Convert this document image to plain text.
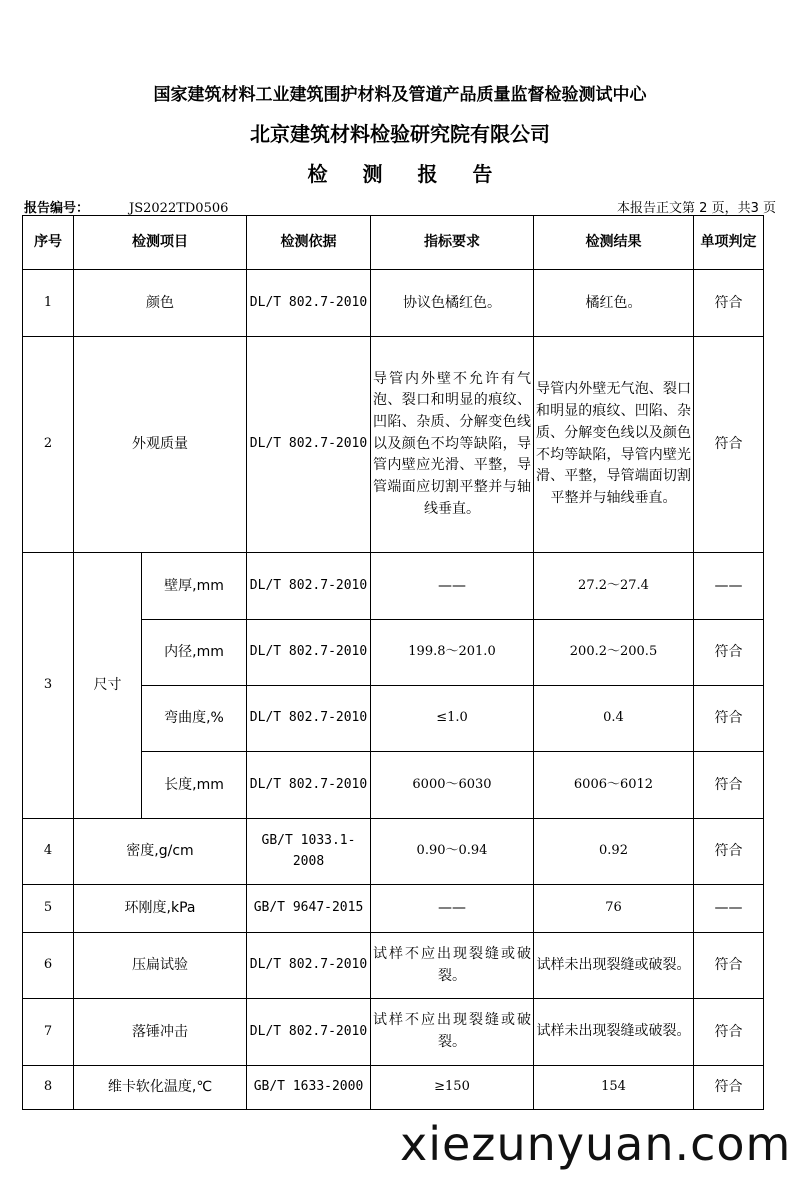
国家建筑材料工业建筑围护材料及管道产品质量监督检验测试中心
北京建筑材料检验研究院有限公司
检 测 报 告
报告编号：	JS2022TD0506	本报告正文第 2 页，共3 页
序号	检测项目		检测依据	指标要求	检测结果	单项判定
1	颜色		DL/T 802.7-2010	协议色橘红色。	橘红色。	符合
2	外观质量		DL/T 802.7-2010	导管内外壁不允许有气泡、裂口和明显的痕纹、凹陷、杂质、分解变色线以及颜色不均等缺陷，导管内壁应光滑、平整，导管端面应切割平整并与轴线垂直。	导管内外壁无气泡、裂口和明显的痕纹、凹陷、杂质、分解变色线以及颜色不均等缺陷，导管内壁光滑、平整，导管端面切割平整并与轴线垂直。	符合
3	尺寸	壁厚,mm	DL/T 802.7-2010	——	27.2～27.4	——
		内径,mm	DL/T 802.7-2010	199.8～201.0	200.2～200.5	符合
		弯曲度,%	DL/T 802.7-2010	≤1.0	0.4	符合
		长度,mm	DL/T 802.7-2010	6000～6030	6006～6012	符合
4	密度,g/cm		GB/T 1033.1-2008	0.90～0.94	0.92	符合
5	环刚度,kPa		GB/T 9647-2015	——	76	——
6	压扁试验		DL/T 802.7-2010	试样不应出现裂缝或破裂。	试样未出现裂缝或破裂。	符合
7	落锤冲击		DL/T 802.7-2010	试样不应出现裂缝或破裂。	试样未出现裂缝或破裂。	符合
8	维卡软化温度,℃		GB/T 1633-2000	≥150	154	符合
xiezunyuan.com
